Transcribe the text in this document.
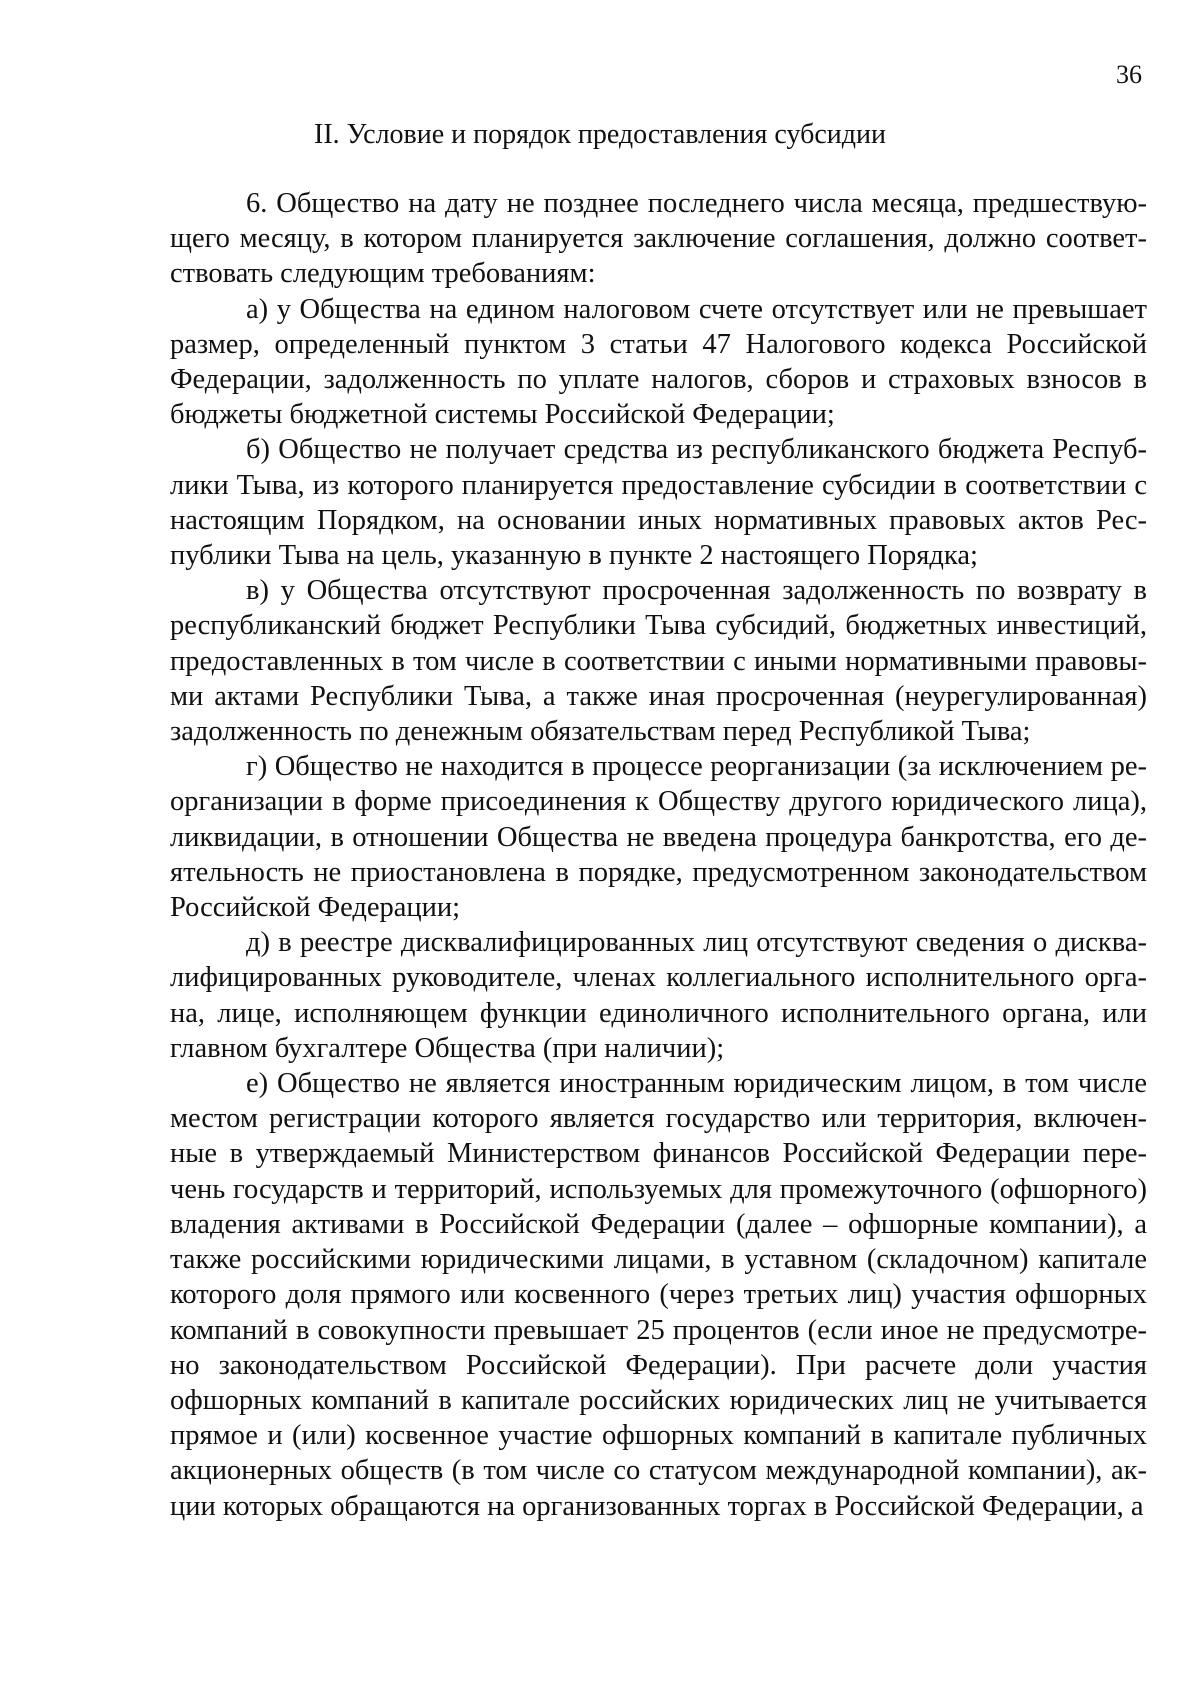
36
II. Условие и порядок предоставления субсидии

6. Общество на дату не позднее последнего числа месяца, предшествующего месяцу, в котором планируется заключение соглашения, должно соответствовать следующим требованиям:

а) у Общества на едином налоговом счете отсутствует или не превышает размер, определенный пунктом 3 статьи 47 Налогового кодекса Российской Федерации, задолженность по уплате налогов, сборов и страховых взносов в бюджеты бюджетной системы Российской Федерации;

б) Общество не получает средства из республиканского бюджета Республики Тыва, из которого планируется предоставление субсидии в соответствии с настоящим Порядком, на основании иных нормативных правовых актов Республики Тыва на цель, указанную в пункте 2 настоящего Порядка;

в) у Общества отсутствуют просроченная задолженность по возврату в республиканский бюджет Республики Тыва субсидий, бюджетных инвестиций, предоставленных в том числе в соответствии с иными нормативными правовыми актами Республики Тыва, а также иная просроченная (неурегулированная) задолженность по денежным обязательствам перед Республикой Тыва;

г) Общество не находится в процессе реорганизации (за исключением реорганизации в форме присоединения к Обществу другого юридического лица), ликвидации, в отношении Общества не введена процедура банкротства, его деятельность не приостановлена в порядке, предусмотренном законодательством Российской Федерации;

д) в реестре дисквалифицированных лиц отсутствуют сведения о дисквалифицированных руководителе, членах коллегиального исполнительного органа, лице, исполняющем функции единоличного исполнительного органа, или главном бухгалтере Общества (при наличии);

е) Общество не является иностранным юридическим лицом, в том числе местом регистрации которого является государство или территория, включенные в утверждаемый Министерством финансов Российской Федерации перечень государств и территорий, используемых для промежуточного (офшорного) владения активами в Российской Федерации (далее – офшорные компании), а также российскими юридическими лицами, в уставном (складочном) капитале которого доля прямого или косвенного (через третьих лиц) участия офшорных компаний в совокупности превышает 25 процентов (если иное не предусмотрено законодательством Российской Федерации). При расчете доли участия офшорных компаний в капитале российских юридических лиц не учитывается прямое и (или) косвенное участие офшорных компаний в капитале публичных акционерных обществ (в том числе со статусом международной компании), акции которых обращаются на организованных торгах в Российской Федерации, а
